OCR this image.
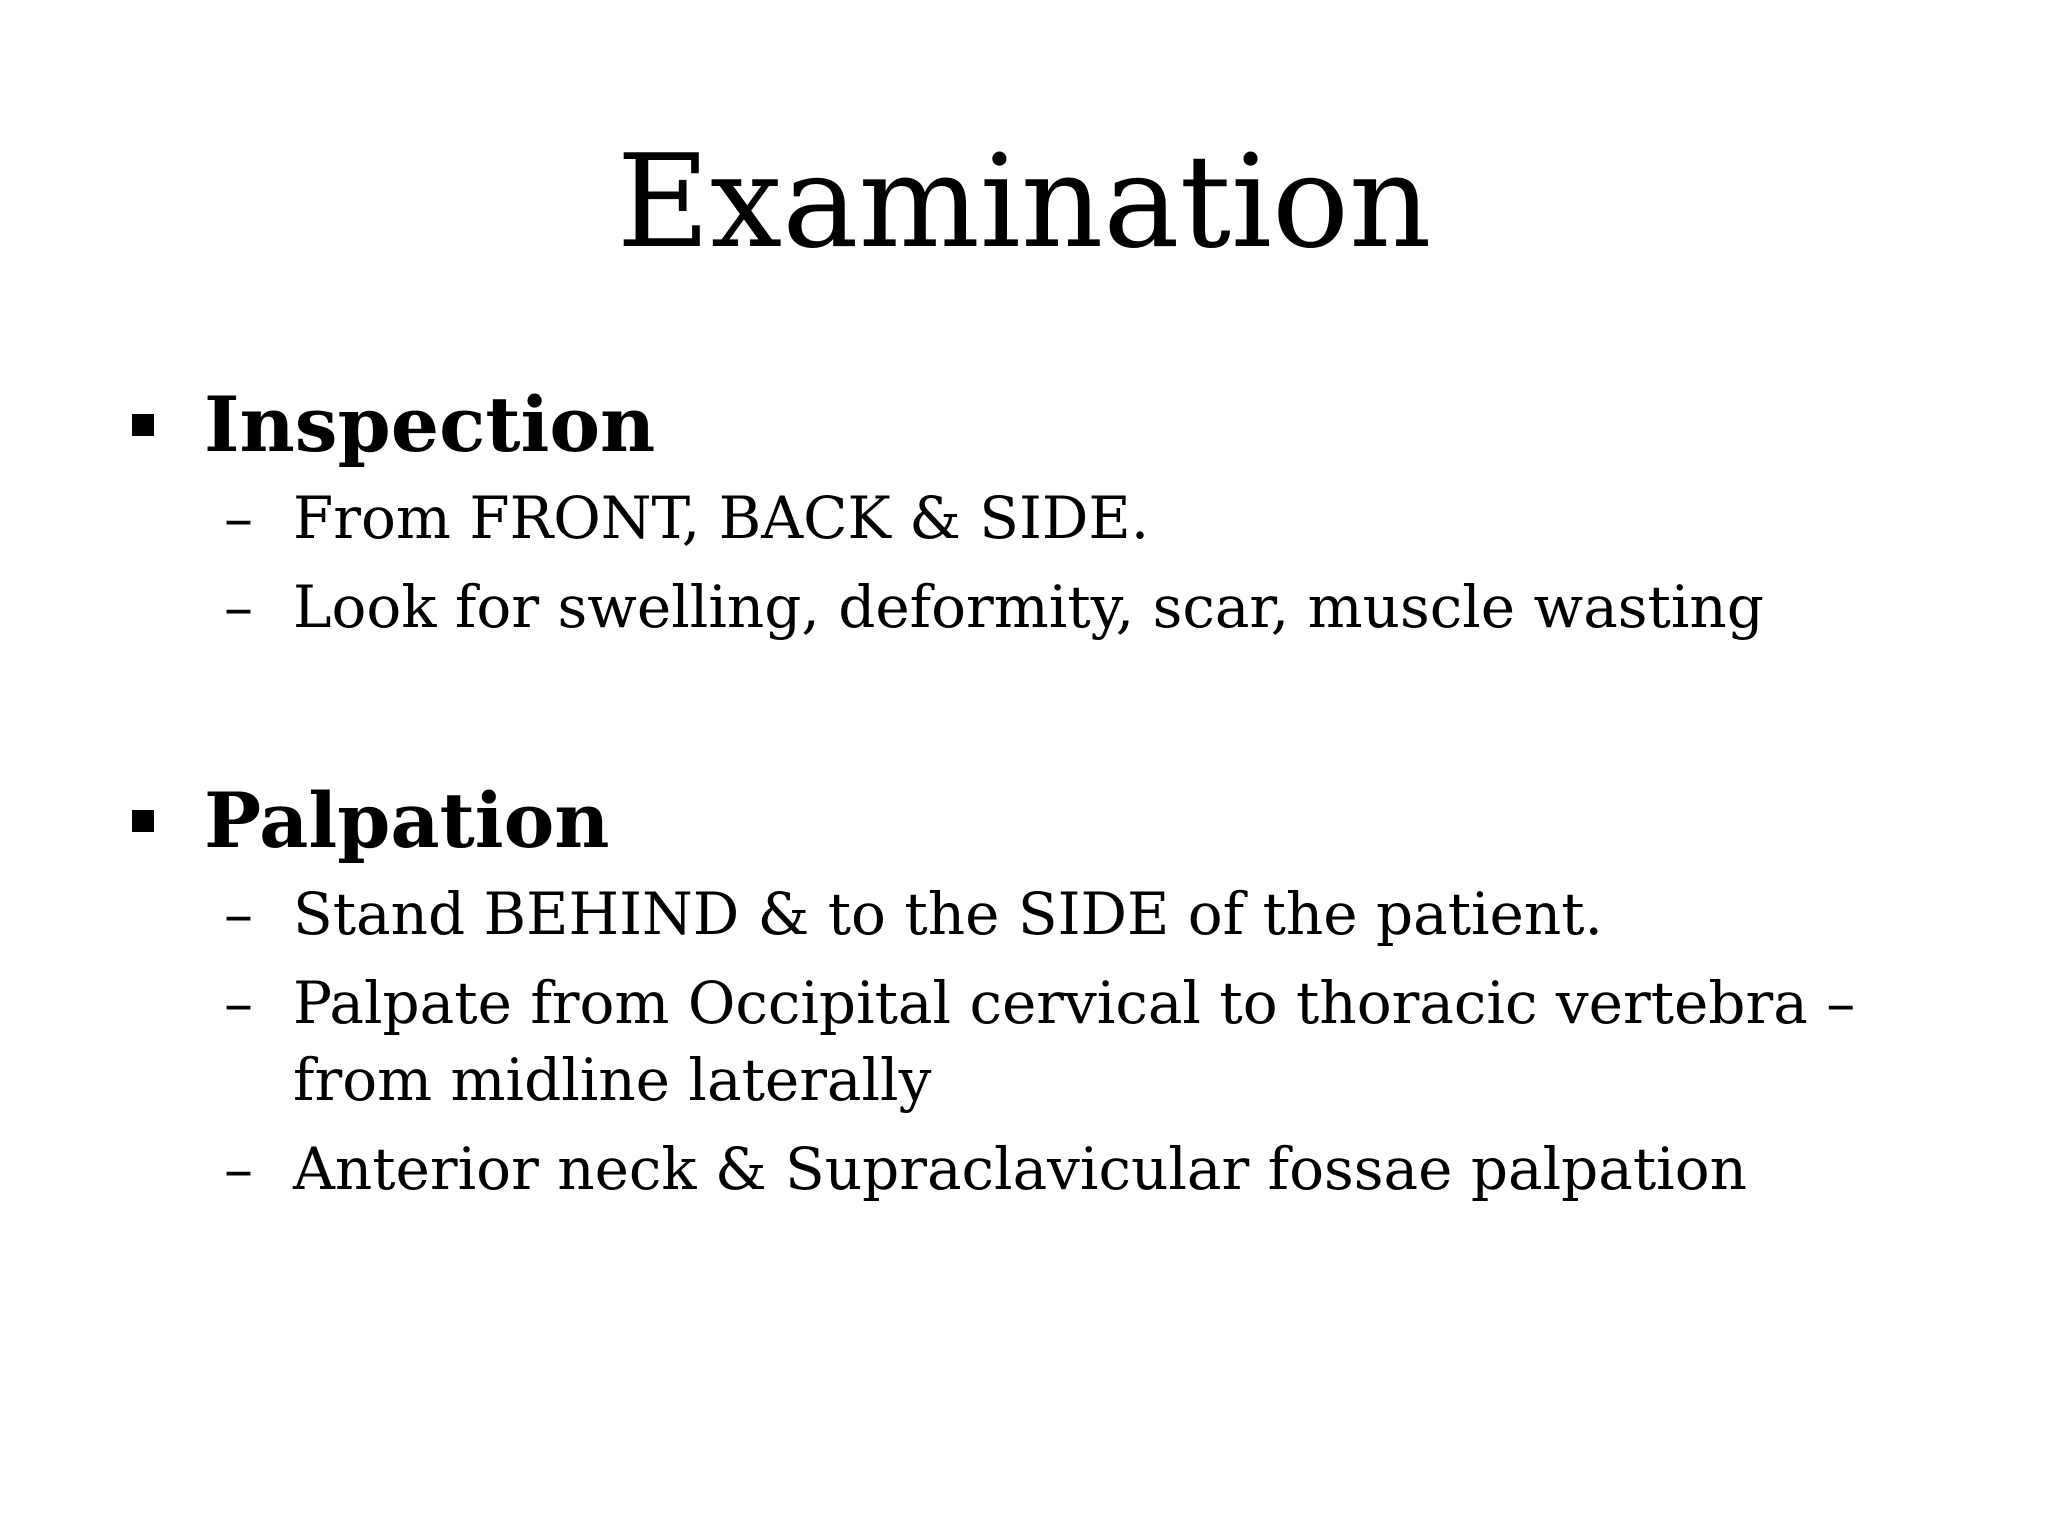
Examination
Inspection
– From FRONT, BACK & SIDE.
– Look for swelling, deformity, scar, muscle wasting
Palpation
– Stand BEHIND & to the SIDE of the patient.
– Palpate from Occipital cervical to thoracic vertebra – from midline laterally
– Anterior neck & Supraclavicular fossae palpation
